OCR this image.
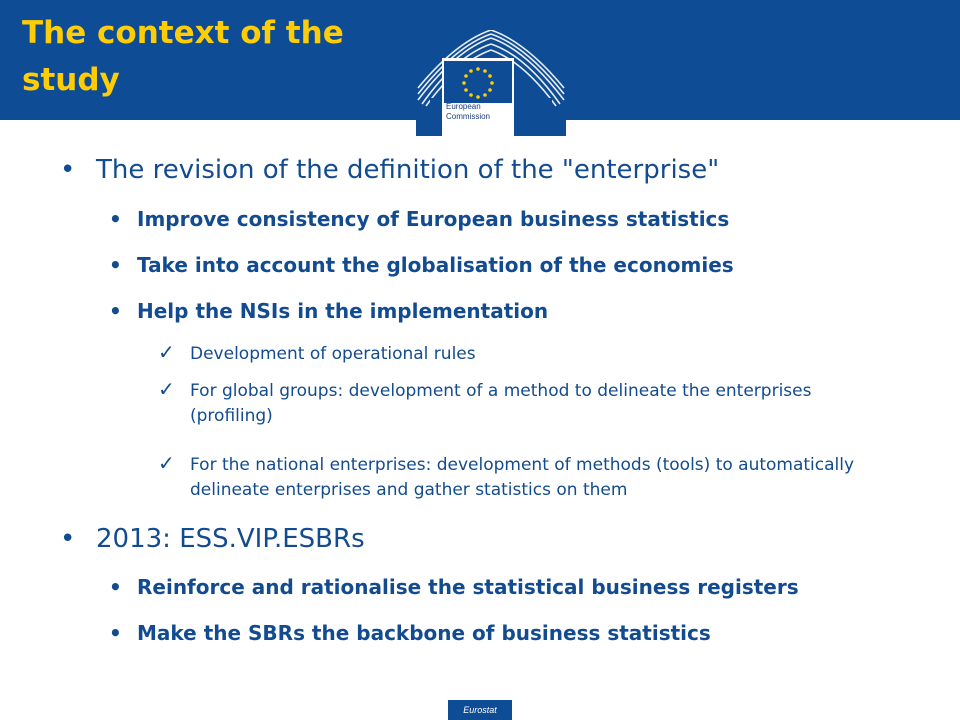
The context of the study
European
Commission
• The revision of the definition of the "enterprise"
• Improve consistency of European business statistics
• Take into account the globalisation of the economies
• Help the NSIs in the implementation
✓ Development of operational rules
✓ For global groups: development of a method to delineate the enterprises (profiling)
✓ For the national enterprises: development of methods (tools) to automatically delineate enterprises and gather statistics on them
• 2013: ESS.VIP.ESBRs
• Reinforce and rationalise the statistical business registers
• Make the SBRs the backbone of business statistics
Eurostat
